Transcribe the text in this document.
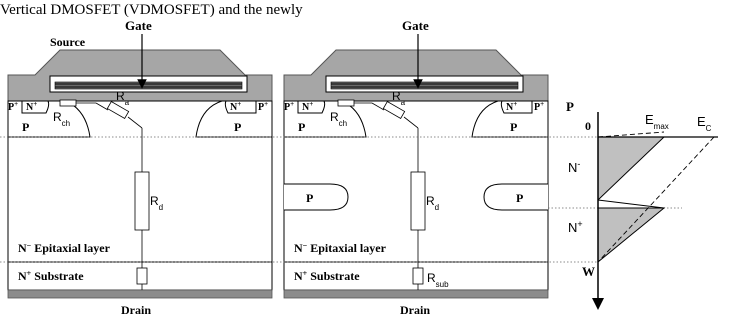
Vertical DMOSFET (VDMOSFET) and the newly
Gate
Source
P+ N+	N+ P+
P	P
$R_{ch}$
$R_a$
$R_d$
N− Epitaxial layer
N+ Substrate
Drain
P	P
Gate
P+ N+	N+ P+
P	P
$R_{ch}$
$R_a$
$R_d$
$R_{sub}$
N− Epitaxial layer
N+ Substrate
Drain
P
0
N-
N+
W
$E_{max}$ $E_C$
